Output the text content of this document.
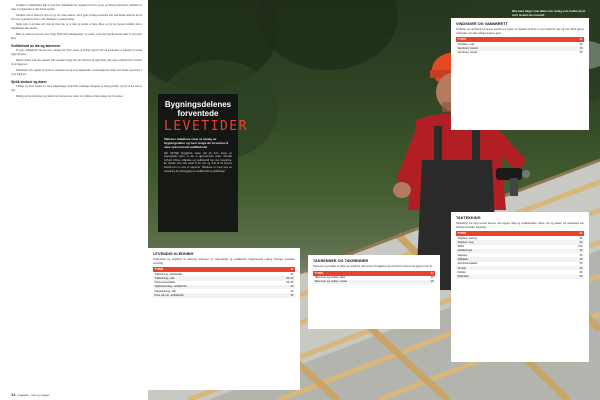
avdekke at vedlikeholdet ikke er godt nok. Takrennene bør rengjøres hvert år, og rør og beslag kontrolleres. Tettheten av taket er avgjørende for hele husets levetid.

Takflater som er utsatt for mye sol og vær slites raskere. Ved å gjøre jevnlige kontroller kan små skader utbedres før de blir store og kostbare. Det er ofte rimeligere å reparere tidlig.

Sjekk også at det ikke står vann på flate tak, og at sluk og nedløp er åpne. Mose og lav bør fjernes forsiktig slik at taktekkingen ikke skades.

Husk at arbeid på tak kan være farlig. Bruk alltid sikringsutstyr, og vurder å leie inn fagfolk dersom taket er bratt eller høyt.

Vedlikehold av tak og takrenner

Et godt vedlikeholdt tak kan vare i mange tiår. Etter storm og kraftig regnvær bør du kontrollere at takstein og beslag ligger på plass.

Mindre skader som løse takstein eller sprukne beslag kan ofte utbedres på egen hånd, men større arbeider bør overlates til en fagperson.

Fuktskader som oppstår på grunn av lekkasjer kan gi store følgeskader i konstruksjonen under. Det lønner seg derfor å være tidlig ute.

Sjekk vinduer og dører

Vinduer og dører utsettes for store påkjenninger. Kontroller pakninger, hengsler og beslag jevnlig, og bytt ut det som er slitt.

Maling og beis på karmer og rammer bør fornyes etter behov for å hindre at fukt trenger inn i treverket.

34 magasin · tak og vegger
Ikke bare følger man taket som vanlig som holder på et stort levetid uten levetid.
Bygningsdelenes
forventede
LEVETIDER

Tallene i tabellene viser et utvalg av bygningsdeler og hvor lenge de forventes å vare ved normalt vedlikehold.

Når SINTEF Byggforsk setter tall på hvor lenge en bygningsdel varer, er det et gjennomsnitt under normale forhold. Klima, utførelse og vedlikehold har stor betydning. En fasade som står utsatt til for vær og vind vil ha kortere levetid enn en som er skjermet. Tabellene er ment som en veiledning for planlegging av vedlikehold og utskiftinger.

UTVENDIG KLEDNING

Tidspunktet for utskifting av kledning avhenger av materialvalg og vedlikehold. Regelmessig maling forlenger levetiden vesentlig.

TYPER	År
Trekledning, ubehandlet	50
Trekledning, malt	40–60
Fibersementplater	30–50
Teglforblending, vedlikehold	60
Platekledning, stål	40
Puss på mur, vedlikehold	40
TAKRENNER OG TAKRENNER

Takrenner og nedløp av plast og metall har ulik levetid. Rengjøring og kontroll av festene bør gjøres hvert år.

TYPER	År
Takrenner og nedløp, plast	30
Takrenner og nedløp, metall	25
VINDSKIER OG VANNBRETT

Vindskier og vannbrett har lavere levetid enn resten av fasaden fordi de er mer utsatt for vær og vind. Bruk gjerne materialer som tåler påkjenningene godt.

TYPER	År
Vindskier, malt	30
Vannbrett, treverk	15
Vannbrett, metall	25
TAKTEKKING

Taktekking har lang levetid dersom den legges riktig og vedlikeholdes. Mose, lav og skader på underlaget kan forkorte levetiden betydelig.

TYPER	År
Teglstein, betong	50
Teglstein, tegl	60
Skifer	100
Asfaltshingel	30
Takpapp	25
Stålplater	40
Aluminiumsplater	50
Torvtak	40
Kobber	80
Sinkplater	50
